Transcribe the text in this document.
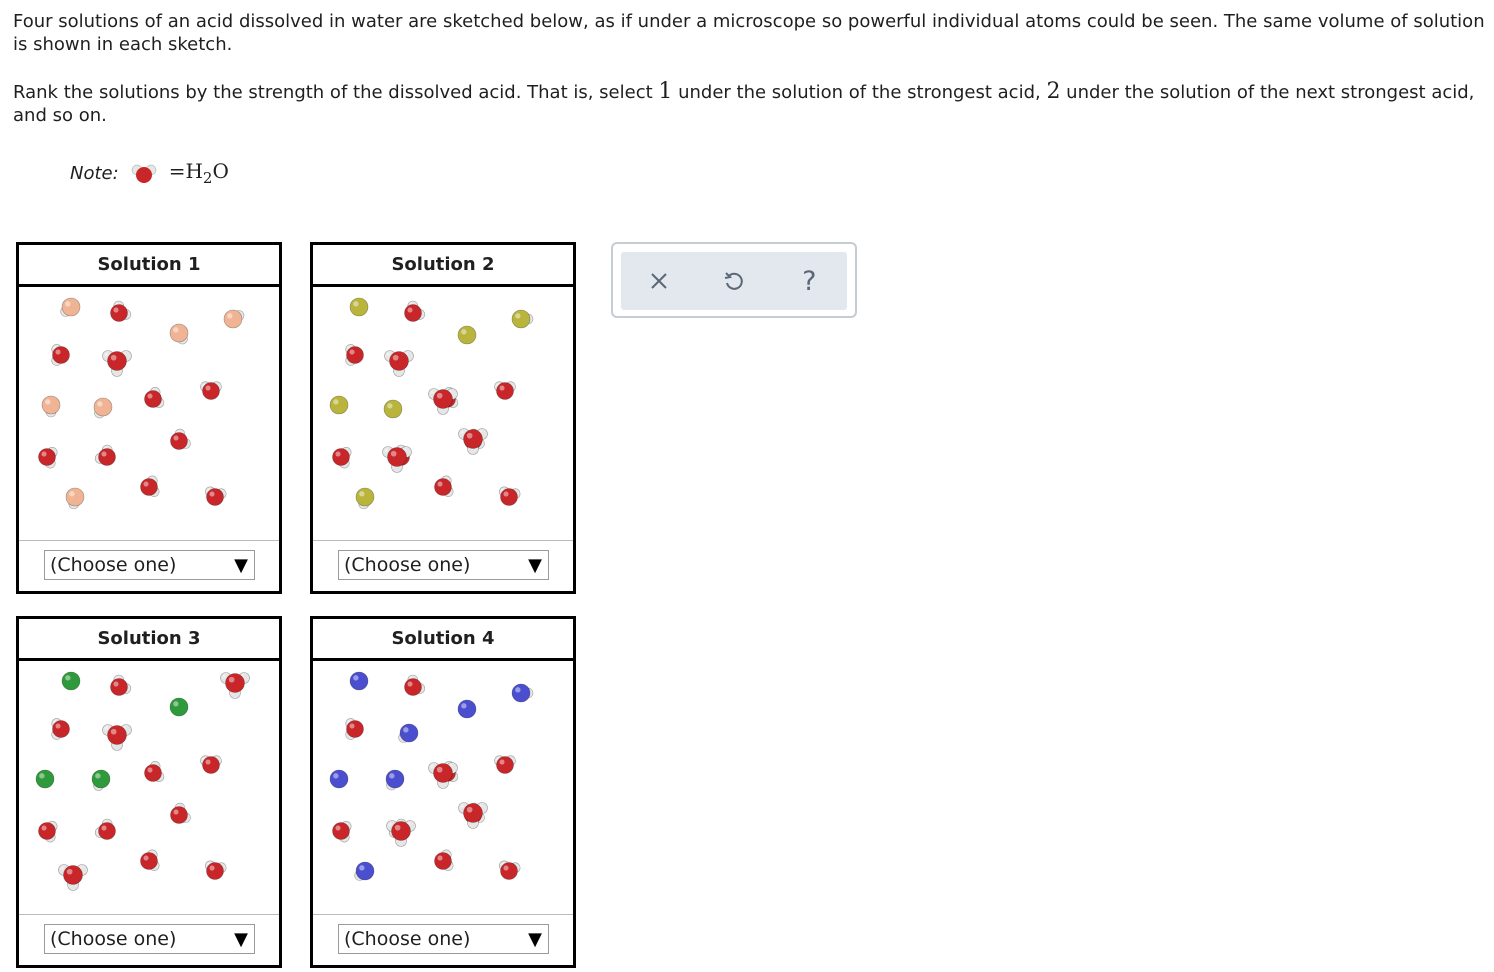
Four solutions of an acid dissolved in water are sketched below, as if under a microscope so powerful individual atoms could be seen. The same volume of solution is shown in each sketch.

Rank the solutions by the strength of the dissolved acid. That is, select 1 under the solution of the strongest acid, 2 under the solution of the next strongest acid, and so on.

Note:	$=H_2O$
Solution 1
(Choose one)	▼
Solution 2
(Choose one)	▼
Solution 3
(Choose one)	▼
Solution 4
(Choose one)	▼
?
